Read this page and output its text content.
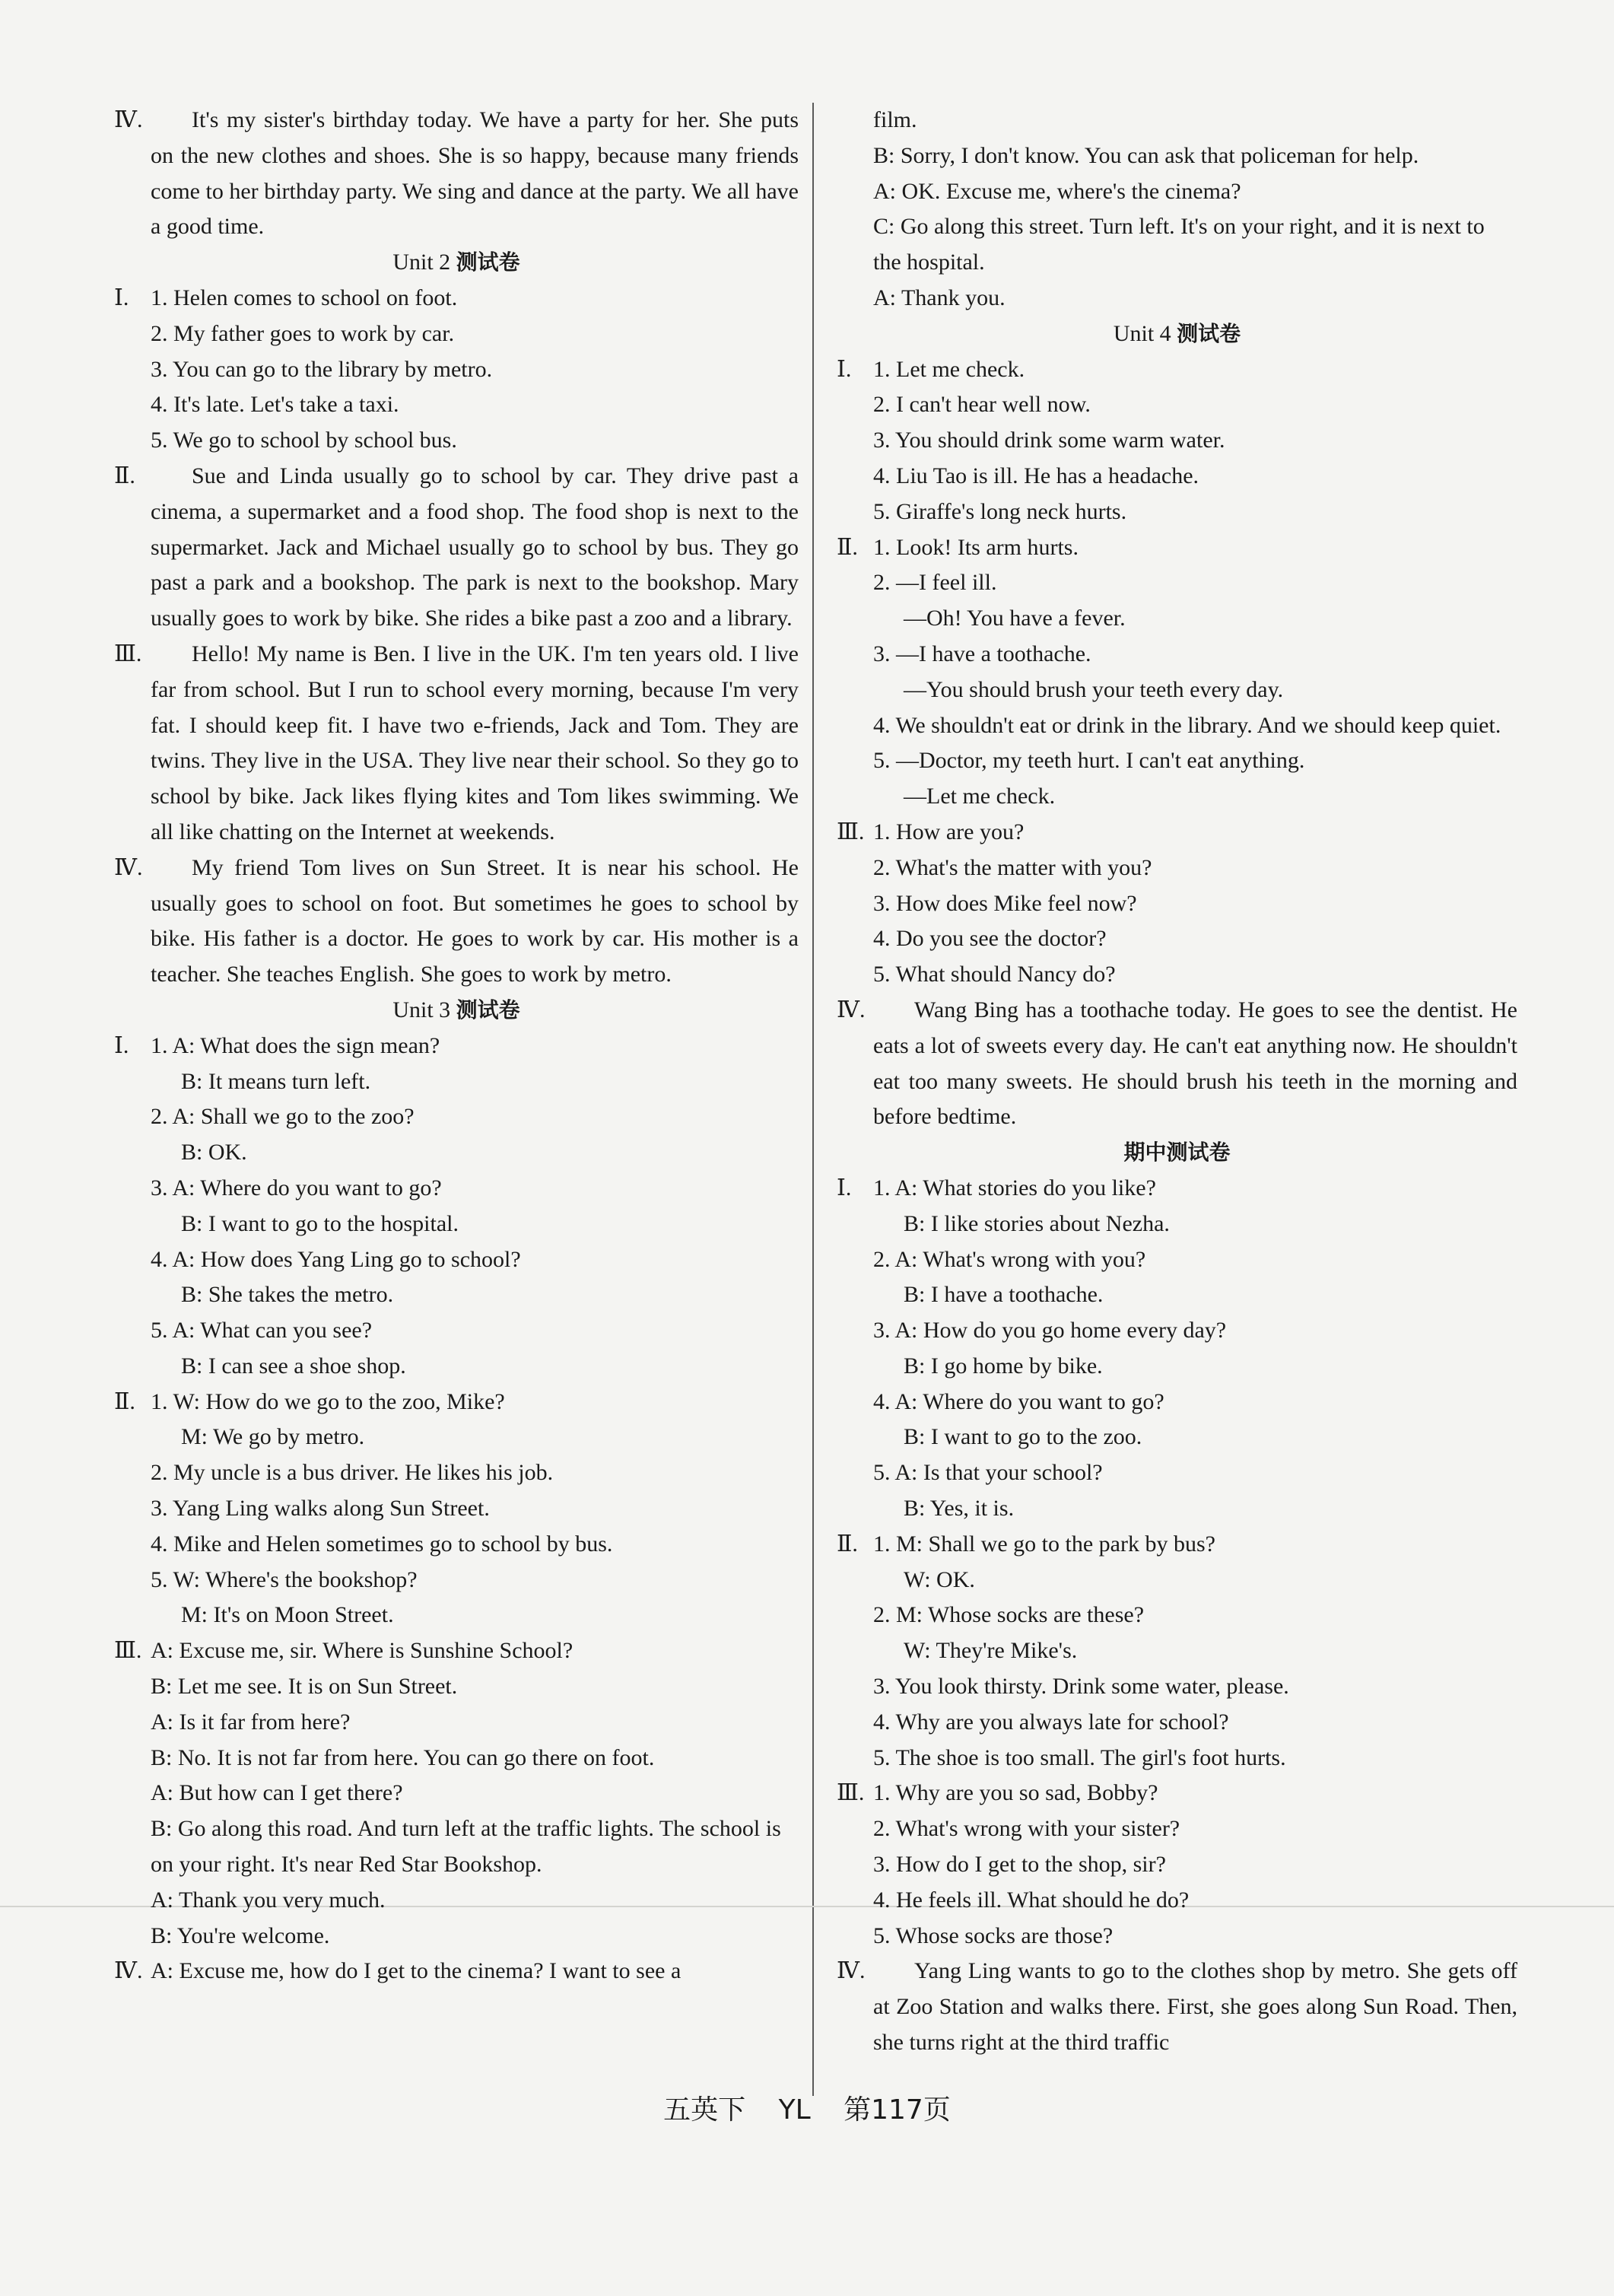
Ⅳ. It's my sister's birthday today. We have a party for her. She puts on the new clothes and shoes. She is so happy, because many friends come to her birthday party. We sing and dance at the party. We all have a good time.
Unit 2 测试卷
Ⅰ. 1. Helen comes to school on foot.
2. My father goes to work by car.
3. You can go to the library by metro.
4. It's late. Let's take a taxi.
5. We go to school by school bus.
Ⅱ.	Sue and Linda usually go to school by car. They drive past a cinema, a supermarket and a food shop. The food shop is next to the supermarket. Jack and Michael usually go to school by bus. They go past a park and a bookshop. The park is next to the bookshop. Mary usually goes to work by bike. She rides a bike past a zoo and a library.
Ⅲ. Hello! My name is Ben. I live in the UK. I'm ten years old. I live far from school. But I run to school every morning, because I'm very fat. I should keep fit. I have two e-friends, Jack and Tom. They are twins. They live in the USA. They live near their school. So they go to school by bike. Jack likes flying kites and Tom likes swimming. We all like chatting on the Internet at weekends.
Ⅳ. My friend Tom lives on Sun Street. It is near his school. He usually goes to school on foot. But sometimes he goes to school by bike. His father is a doctor. He goes to work by car. His mother is a teacher. She teaches English. She goes to work by metro.
Unit 3 测试卷
Ⅰ. 1. A: What does the sign mean?
B: It means turn left.
2. A: Shall we go to the zoo?
B: OK.
3. A: Where do you want to go?
B: I want to go to the hospital.
4. A: How does Yang Ling go to school?
B: She takes the metro.
5. A: What can you see?
B: I can see a shoe shop.
Ⅱ. 1. W: How do we go to the zoo, Mike?
M: We go by metro.
2. My uncle is a bus driver. He likes his job.
3. Yang Ling walks along Sun Street.
4. Mike and Helen sometimes go to school by bus.
5. W: Where's the bookshop?
M: It's on Moon Street.
Ⅲ. A: Excuse me, sir. Where is Sunshine School?
B: Let me see. It is on Sun Street.
A: Is it far from here?
B: No. It is not far from here. You can go there on foot.
A: But how can I get there?
B: Go along this road. And turn left at the traffic lights. The school is on your right. It's near Red Star Bookshop.
A: Thank you very much.
B: You're welcome.
Ⅳ. A: Excuse me, how do I get to the cinema? I want to see a
film.
B: Sorry, I don't know. You can ask that policeman for help.
A: OK. Excuse me, where's the cinema?
C: Go along this street. Turn left. It's on your right, and it is next to the hospital.
A: Thank you.
Unit 4 测试卷
Ⅰ. 1. Let me check.
2. I can't hear well now.
3. You should drink some warm water.
4. Liu Tao is ill. He has a headache.
5. Giraffe's long neck hurts.
Ⅱ. 1. Look! Its arm hurts.
2. —I feel ill.
—Oh! You have a fever.
3. —I have a toothache.
—You should brush your teeth every day.
4. We shouldn't eat or drink in the library. And we should keep quiet.
5. —Doctor, my teeth hurt. I can't eat anything.
—Let me check.
Ⅲ. 1. How are you?
2. What's the matter with you?
3. How does Mike feel now?
4. Do you see the doctor?
5. What should Nancy do?
Ⅳ. Wang Bing has a toothache today. He goes to see the dentist. He eats a lot of sweets every day. He can't eat anything now. He shouldn't eat too many sweets. He should brush his teeth in the morning and before bedtime.
期中测试卷
Ⅰ. 1. A: What stories do you like?
B: I like stories about Nezha.
2. A: What's wrong with you?
B: I have a toothache.
3. A: How do you go home every day?
B: I go home by bike.
4. A: Where do you want to go?
B: I want to go to the zoo.
5. A: Is that your school?
B: Yes, it is.
Ⅱ. 1. M: Shall we go to the park by bus?
W: OK.
2. M: Whose socks are these?
W: They're Mike's.
3. You look thirsty. Drink some water, please.
4. Why are you always late for school?
5. The shoe is too small. The girl's foot hurts.
Ⅲ. 1. Why are you so sad, Bobby?
2. What's wrong with your sister?
3. How do I get to the shop, sir?
4. He feels ill. What should he do?
5. Whose socks are those?
Ⅳ. Yang Ling wants to go to the clothes shop by metro. She gets off at Zoo Station and walks there. First, she goes along Sun Road. Then, she turns right at the third traffic
五英下 YL 第117页
